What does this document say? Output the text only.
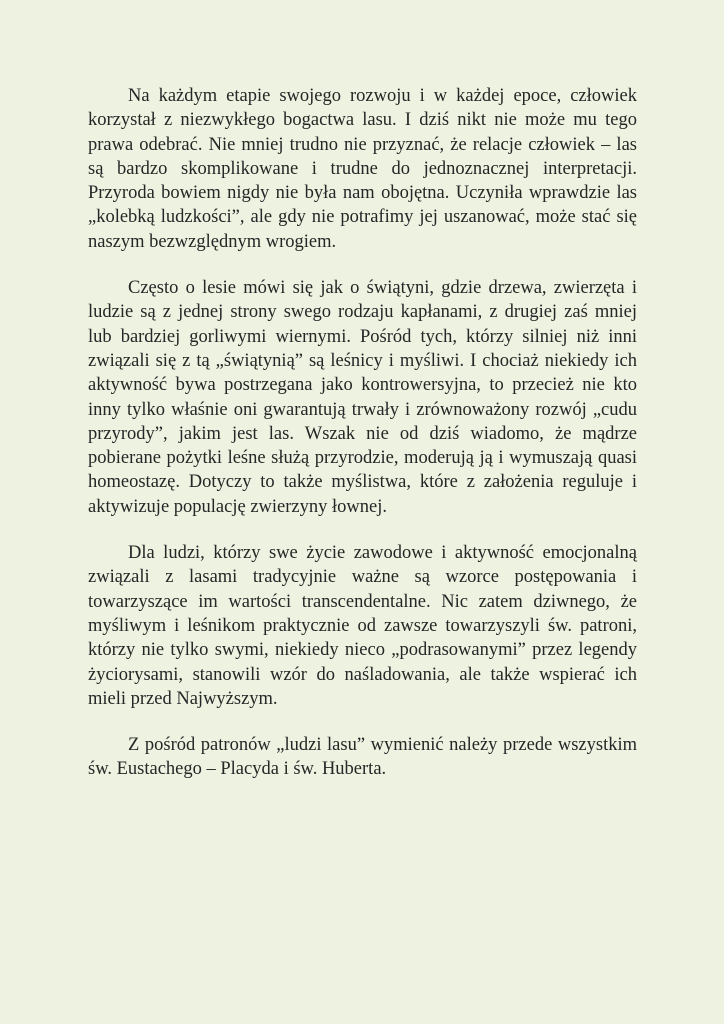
Na każdym etapie swojego rozwoju i w każdej epoce, człowiek korzystał z niezwykłego bogactwa lasu. I dziś nikt nie może mu tego prawa odebrać. Nie mniej trudno nie przyznać, że relacje człowiek – las są bardzo skomplikowane i trudne do jednoznacznej interpretacji. Przyroda bowiem nigdy nie była nam obojętna. Uczyniła wprawdzie las „kolebką ludzkości”, ale gdy nie potrafimy jej uszanować, może stać się naszym bezwzględnym wrogiem.

Często o lesie mówi się jak o świątyni, gdzie drzewa, zwierzęta i ludzie są z jednej strony swego rodzaju kapłanami, z drugiej zaś mniej lub bardziej gorliwymi wiernymi. Pośród tych, którzy silniej niż inni związali się z tą „świątynią” są leśnicy i myśliwi. I chociaż niekiedy ich aktywność bywa postrzegana jako kontrowersyjna, to przecież nie kto inny tylko właśnie oni gwarantują trwały i zrównoważony rozwój „cudu przyrody”, jakim jest las. Wszak nie od dziś wiadomo, że mądrze pobierane pożytki leśne służą przyrodzie, moderują ją i wymuszają quasi homeostazę. Dotyczy to także myślistwa, które z założenia reguluje i aktywizuje populację zwierzyny łownej.

Dla ludzi, którzy swe życie zawodowe i aktywność emocjonalną związali z lasami tradycyjnie ważne są wzorce postępowania i towarzyszące im wartości transcendentalne. Nic zatem dziwnego, że myśliwym i leśnikom praktycznie od zawsze towarzyszyli św. patroni, którzy nie tylko swymi, niekiedy nieco „podrasowanymi” przez legendy życiorysami, stanowili wzór do naśladowania, ale także wspierać ich mieli przed Najwyższym.

Z pośród patronów „ludzi lasu” wymienić należy przede wszystkim św. Eustachego – Placyda i św. Huberta.
